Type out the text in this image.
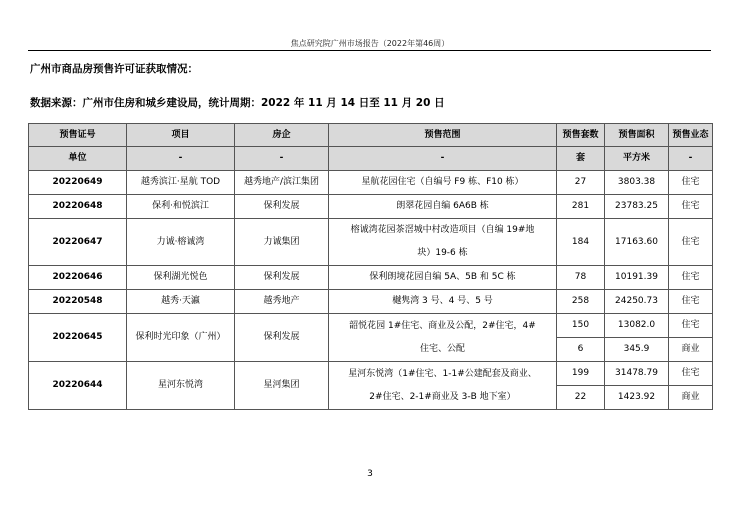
焦点研究院广州市场报告（2022年第46周）
广州市商品房预售许可证获取情况：
数据来源：广州市住房和城乡建设局，统计周期：2022 年 11 月 14 日至 11 月 20 日
预售证号	项目	房企	预售范围	预售套数	预售面积	预售业态
单位	-	-	-	套	平方米	-
20220649	越秀滨江·星航 TOD	越秀地产/滨江集团	星航花园住宅（自编号 F9 栋、F10 栋）	27	3803.38	住宅
20220648	保利·和悦滨江	保利发展	朗翠花园自编 6A6B 栋	281	23783.25	住宅
20220647	力诚·榕诚湾	力诚集团	榕诚湾花园茶滘城中村改造项目（自编 19#地
块）19-6 栋	184	17163.60	住宅
20220646	保利湖光悦色	保利发展	保利朗境花园自编 5A、5B 和 5C 栋	78	10191.39	住宅
20220548	越秀·天瀛	越秀地产	樾隽湾 3 号、4 号、5 号	258	24250.73	住宅
20220645	保利时光印象（广州）	保利发展	韶悦花园 1#住宅、商业及公配，2#住宅，4#
住宅、公配	150	13082.0	住宅
				6	345.9	商业
20220644	星河东悦湾	星河集团	星河东悦湾（1#住宅、1-1#公建配套及商业、
2#住宅、2-1#商业及 3-B 地下室）	199	31478.79	住宅
				22	1423.92	商业
3
